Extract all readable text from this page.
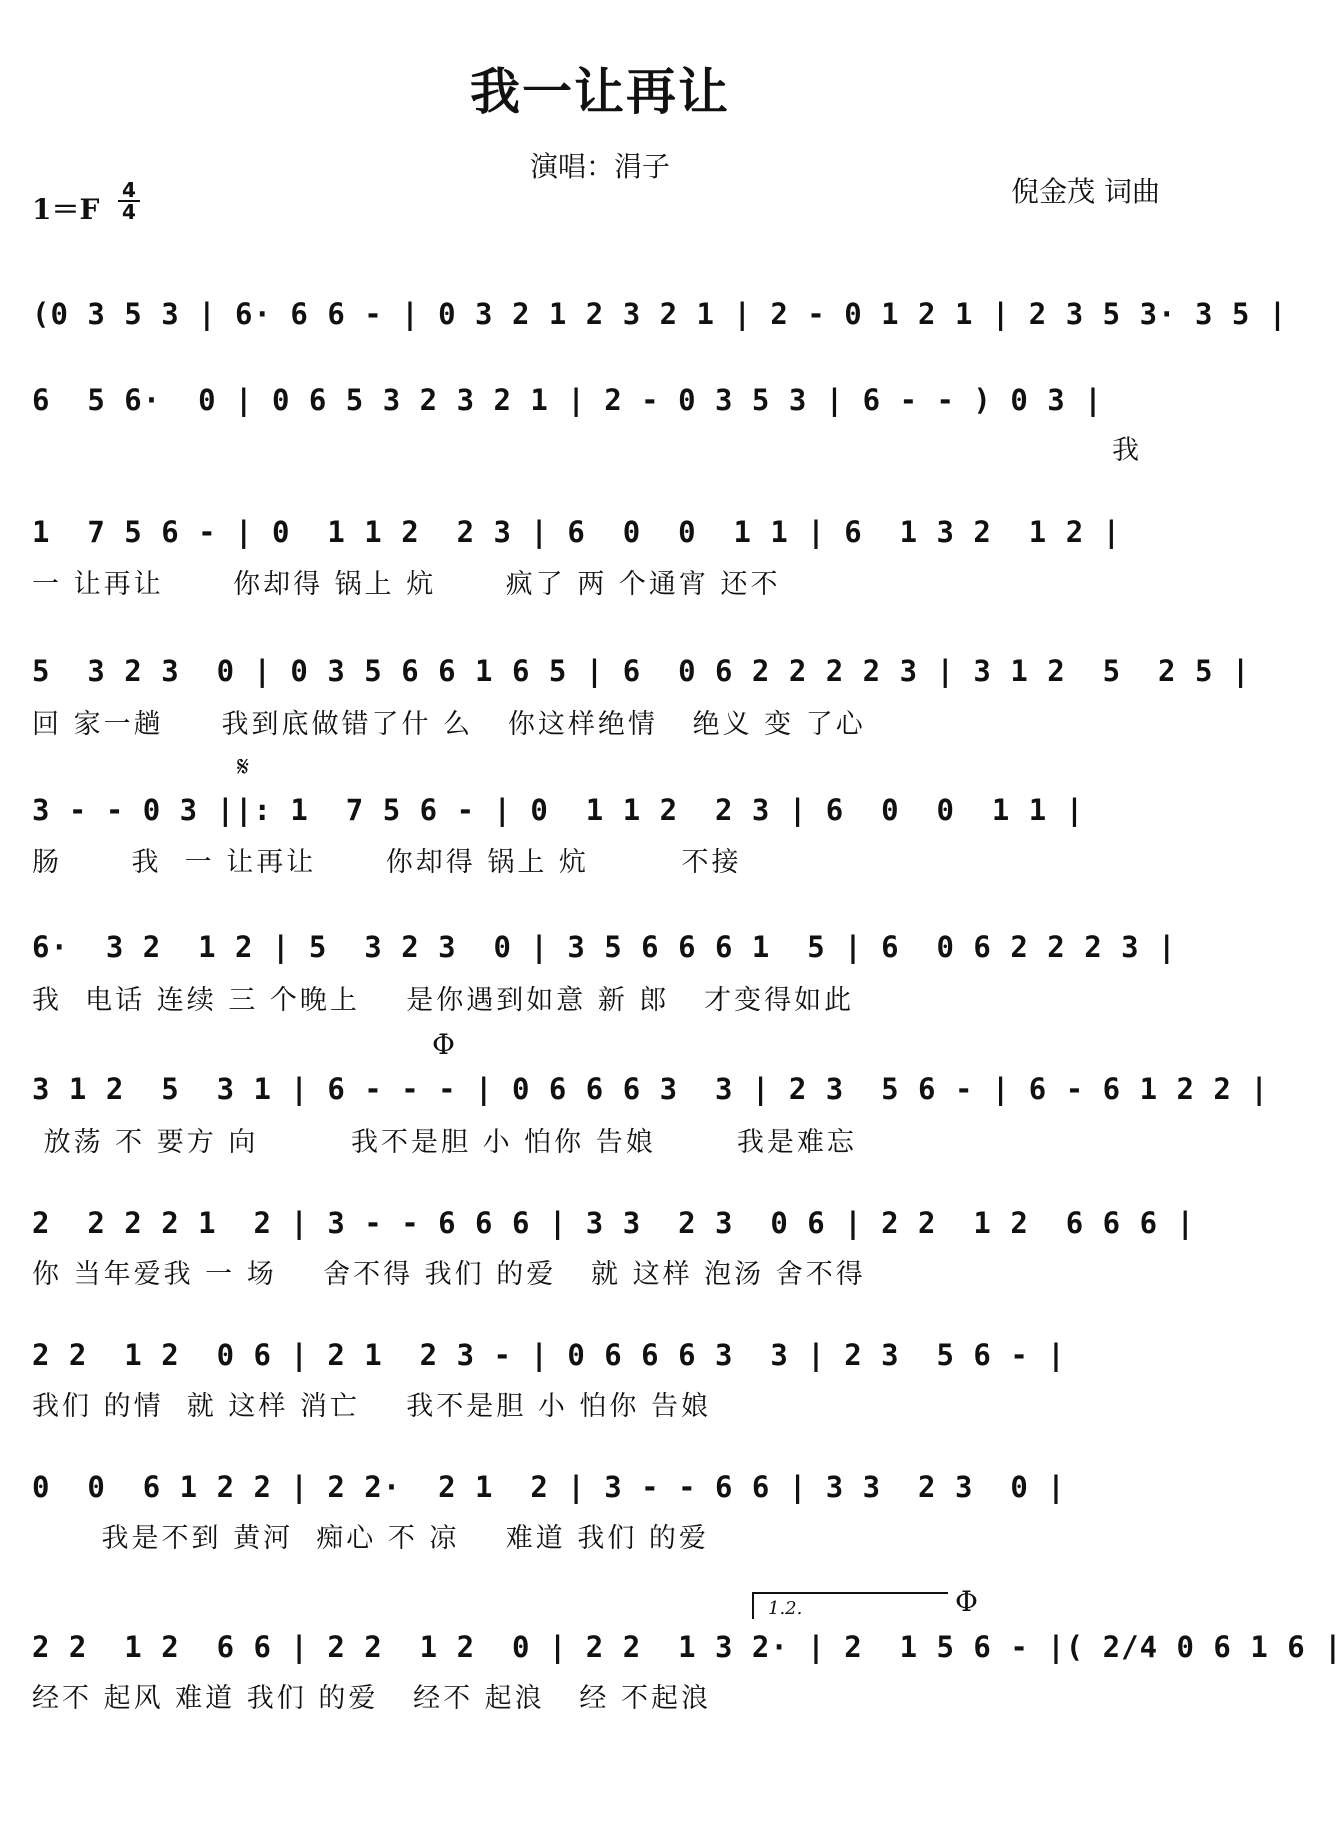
我一让再让
演唱：涓子
倪金茂 词曲
$1=F \frac{4}{4}$
𝄋
Φ
Φ
1.2.
(0 3 5 3 | 6· 6 6 - | 0 3 2 1 2 3 2 1 | 2 - 0 1 2 1 | 2 3 5 3· 3 5 |
6  5 6·  0 | 0 6 5 3 2 3 2 1 | 2 - 0 3 5 3 | 6 - - ) 0 3 |
我
1  7 5 6 - | 0  1 1 2  2 3 | 6  0  0  1 1 | 6  1 3 2  1 2 |
一 让再让      你却得 锅上 炕      疯了 两 个通宵 还不
5  3 2 3  0 | 0 3 5 6 6 1 6 5 | 6  0 6 2 2 2 2 3 | 3 1 2  5  2 5 |
回 家一趟     我到底做错了什 么   你这样绝情   绝义 变 了心
3 - - 0 3 ||: 1  7 5 6 - | 0  1 1 2  2 3 | 6  0  0  1 1 |
肠      我  一 让再让      你却得 锅上 炕        不接
6·  3 2  1 2 | 5  3 2 3  0 | 3 5 6 6 6 1  5 | 6  0 6 2 2 2 3 |
我  电话 连续 三 个晚上    是你遇到如意 新 郎   才变得如此
3 1 2  5  3 1 | 6 - - - | 0 6 6 6 3  3 | 2 3  5 6 - | 6 - 6 1 2 2 |
放荡 不 要方 向        我不是胆 小 怕你 告娘       我是难忘
2  2 2 2 1  2 | 3 - - 6 6 6 | 3 3  2 3  0 6 | 2 2  1 2  6 6 6 |
你 当年爱我 一 场    舍不得 我们 的爱   就 这样 泡汤 舍不得
2 2  1 2  0 6 | 2 1  2 3 - | 0 6 6 6 3  3 | 2 3  5 6 - |
我们 的情  就 这样 消亡    我不是胆 小 怕你 告娘
0  0  6 1 2 2 | 2 2·  2 1  2 | 3 - - 6 6 | 3 3  2 3  0 |
我是不到 黄河  痴心 不 凉    难道 我们 的爱
2 2  1 2  6 6 | 2 2  1 2  0 | 2 2  1 3 2· | 2  1 5 6 - |( 2/4 0 6 1 6 |
经不 起风 难道 我们 的爱   经不 起浪   经 不起浪
